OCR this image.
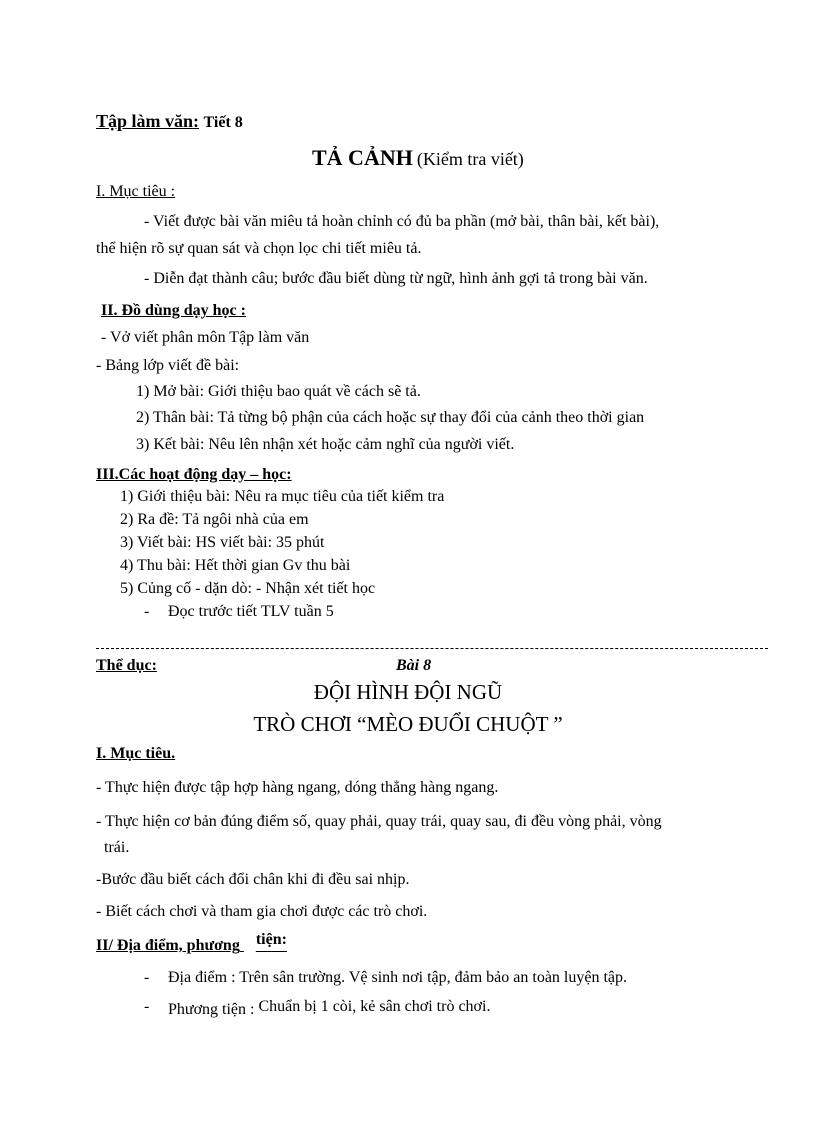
Tập làm văn: Tiết 8
TẢ CẢNH (Kiểm tra viết)
I. Mục tiêu :
- Viết được bài văn miêu tả hoàn chỉnh có đủ ba phần (mở bài, thân bài, kết bài),
thể hiện rõ sự quan sát và chọn lọc chi tiết miêu tả.
- Diễn đạt thành câu; bước đầu biết dùng từ ngữ, hình ảnh gợi tả trong bài văn.
II. Đồ dùng dạy học :
- Vở viết phân môn Tập làm văn
- Bảng lớp viết đề bài:
1) Mở bài: Giới thiệu bao quát về cách sẽ tả.
2) Thân bài: Tả từng bộ phận của cách hoặc sự thay đổi của cảnh theo thời gian
3) Kết bài: Nêu lên nhận xét hoặc cảm nghĩ của người viết.
III.Các hoạt động dạy – học:
1) Giới thiệu bài: Nêu ra mục tiêu của tiết kiểm tra
2) Ra đề: Tả ngôi nhà của em
3) Viết bài: HS viết bài: 35 phút
4) Thu bài: Hết thời gian Gv thu bài
5) Củng cố - dặn dò: - Nhận xét tiết học
- Đọc trước tiết TLV tuần 5
Thể dục:	Bài 8
ĐỘI HÌNH ĐỘI NGŨ
TRÒ CHƠI “MÈO ĐUỔI CHUỘT ”
I. Mục tiêu.
- Thực hiện được tập hợp hàng ngang, dóng thẳng hàng ngang.
- Thực hiện cơ bản đúng điểm số, quay phải, quay trái, quay sau, đi đều vòng phải, vòng
trái.
-Bước đầu biết cách đổi chân khi đi đều sai nhịp.
- Biết cách chơi và tham gia chơi được các trò chơi.
II/ Địa điểm, phương tiện:
- Địa điểm : Trên sân trường. Vệ sinh nơi tập, đảm bảo an toàn luyện tập.
- Phương tiện : Chuẩn bị 1 còi, kẻ sân chơi trò chơi.
